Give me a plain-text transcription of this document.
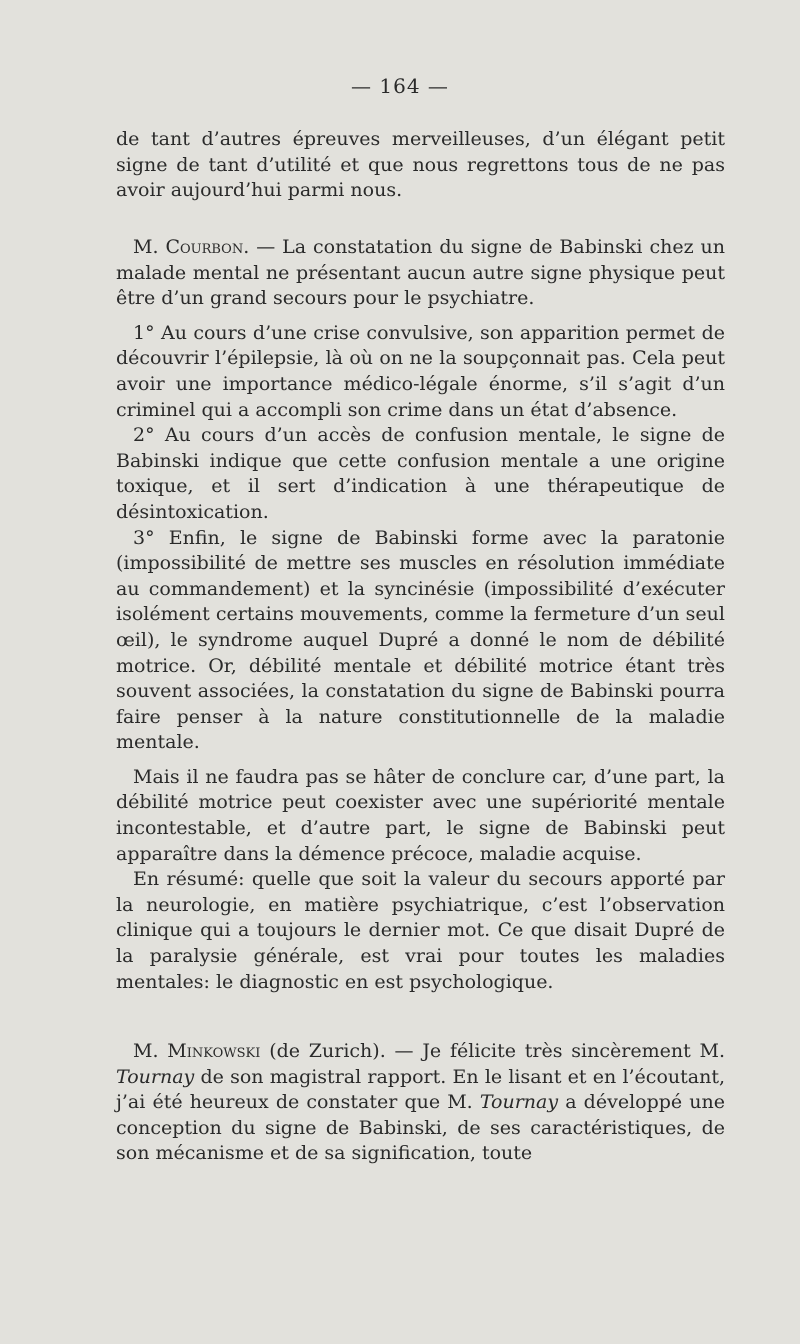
— 164 —

de tant d’autres épreuves merveilleuses, d’un élégant petit signe de tant d’utilité et que nous regrettons tous de ne pas avoir aujourd’hui parmi nous.

M. Courbon. — La constatation du signe de Babinski chez un malade mental ne présentant aucun autre signe physique peut être d’un grand secours pour le psychiatre.

1° Au cours d’une crise convulsive, son apparition permet de découvrir l’épilepsie, là où on ne la soupçonnait pas. Cela peut avoir une importance médico-légale énorme, s’il s’agit d’un criminel qui a accompli son crime dans un état d’absence.

2° Au cours d’un accès de confusion mentale, le signe de Babinski indique que cette confusion mentale a une origine toxique, et il sert d’indication à une thérapeutique de désintoxication.

3° Enfin, le signe de Babinski forme avec la paratonie (impossibilité de mettre ses muscles en résolution immédiate au commandement) et la syncinésie (impossibilité d’exécuter isolément certains mouvements, comme la fermeture d’un seul œil), le syndrome auquel Dupré a donné le nom de débilité motrice. Or, débilité mentale et débilité motrice étant très souvent associées, la constatation du signe de Babinski pourra faire penser à la nature constitutionnelle de la maladie mentale.

Mais il ne faudra pas se hâter de conclure car, d’une part, la débilité motrice peut coexister avec une supériorité mentale incontestable, et d’autre part, le signe de Babinski peut apparaître dans la démence précoce, maladie acquise.

En résumé: quelle que soit la valeur du secours apporté par la neurologie, en matière psychiatrique, c’est l’observation clinique qui a toujours le dernier mot. Ce que disait Dupré de la paralysie générale, est vrai pour toutes les maladies mentales: le diagnostic en est psychologique.

M. Minkowski (de Zurich). — Je félicite très sincèrement M. Tournay de son magistral rapport. En le lisant et en l’écoutant, j’ai été heureux de constater que M. Tournay a développé une conception du signe de Babinski, de ses caractéristiques, de son mécanisme et de sa signification, toute
